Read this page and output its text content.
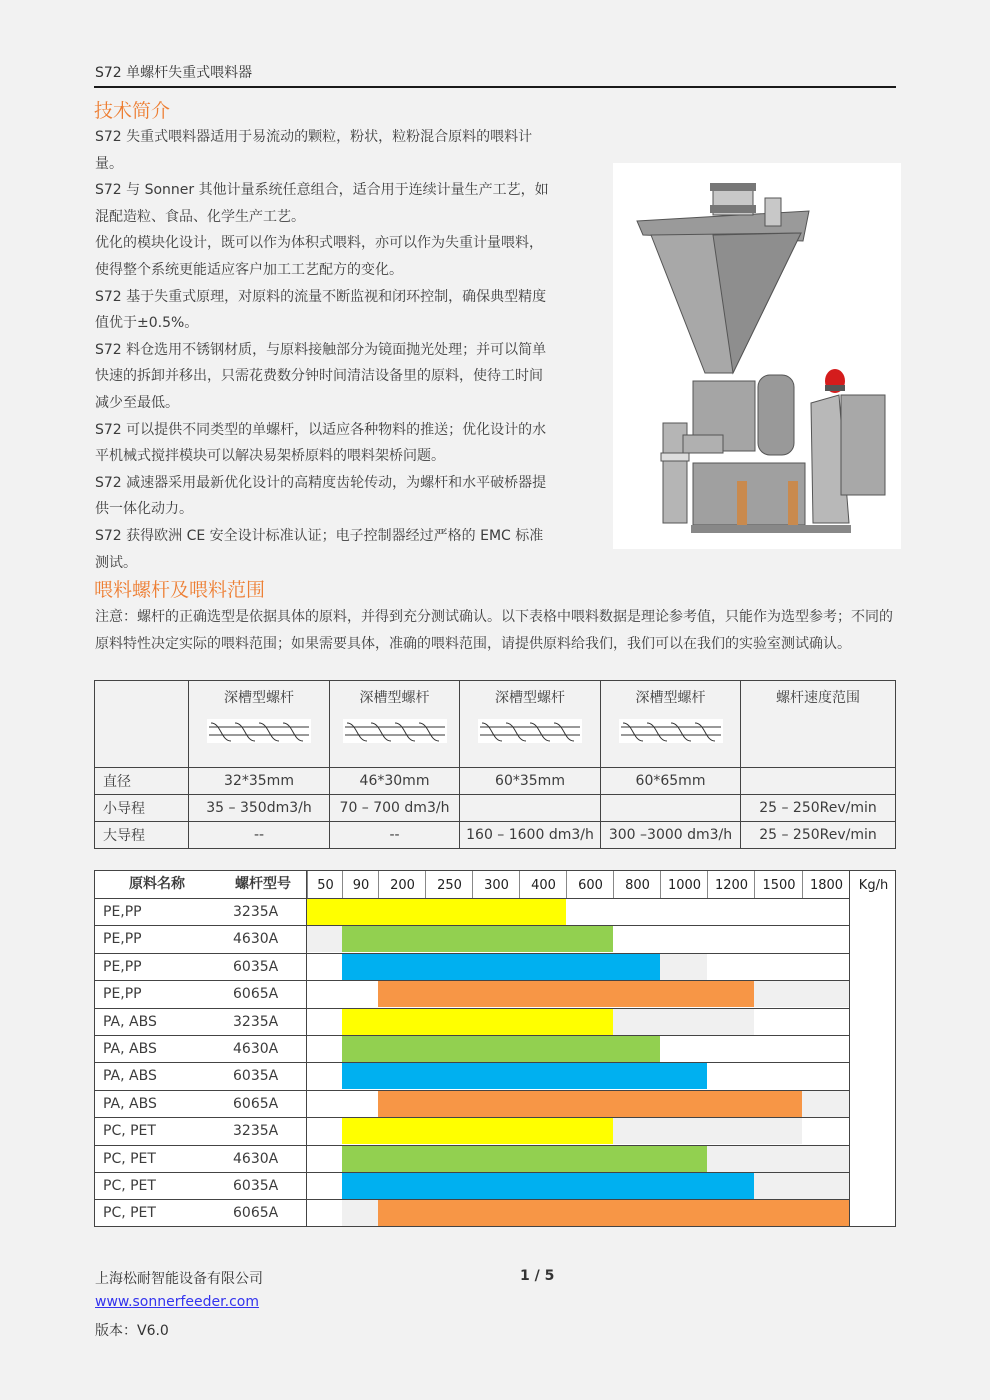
S72 单螺杆失重式喂料器
技术简介

S72 失重式喂料器适用于易流动的颗粒，粉状，粒粉混合原料的喂料计量。

S72 与 Sonner 其他计量系统任意组合，适合用于连续计量生产工艺，如混配造粒、食品、化学生产工艺。

优化的模块化设计，既可以作为体积式喂料，亦可以作为失重计量喂料，使得整个系统更能适应客户加工工艺配方的变化。

S72 基于失重式原理，对原料的流量不断监视和闭环控制，确保典型精度值优于±0.5%。

S72 料仓选用不锈钢材质，与原料接触部分为镜面抛光处理；并可以简单快速的拆卸并移出，只需花费数分钟时间清洁设备里的原料，使待工时间减少至最低。

S72 可以提供不同类型的单螺杆，以适应各种物料的推送；优化设计的水平机械式搅拌模块可以解决易架桥原料的喂料架桥问题。

S72 减速器采用最新优化设计的高精度齿轮传动，为螺杆和水平破桥器提供一体化动力。

S72 获得欧洲 CE 安全设计标准认证；电子控制器经过严格的 EMC 标准测试。

喂料螺杆及喂料范围
注意：螺杆的正确选型是依据具体的原料，并得到充分测试确认。以下表格中喂料数据是理论参考值，只能作为选型参考；不同的原料特性决定实际的喂料范围；如果需要具体，准确的喂料范围，请提供原料给我们，我们可以在我们的实验室测试确认。

	深槽型螺杆	深槽型螺杆	深槽型螺杆	深槽型螺杆	螺杆速度范围
直径	32*35mm	46*30mm	60*35mm	60*65mm	
小导程	35 – 350dm3/h	70 – 700 dm3/h			25 – 250Rev/min
大导程	--	--	160 – 1600 dm3/h	300 –3000 dm3/h	25 – 250Rev/min
原料名称	螺杆型号	50	90	200	250	300	400	600	800	1000	1200	1500	1800	Kg/h
PE,PP	3235A
PE,PP	4630A
PE,PP	6035A
PE,PP	6065A
PA, ABS	3235A
PA, ABS	4630A
PA, ABS	6035A
PA, ABS	6065A
PC, PET	3235A
PC, PET	4630A
PC, PET	6035A
PC, PET	6065A
上海松耐智能设备有限公司	1 / 5
www.sonnerfeeder.com
版本：V6.0
